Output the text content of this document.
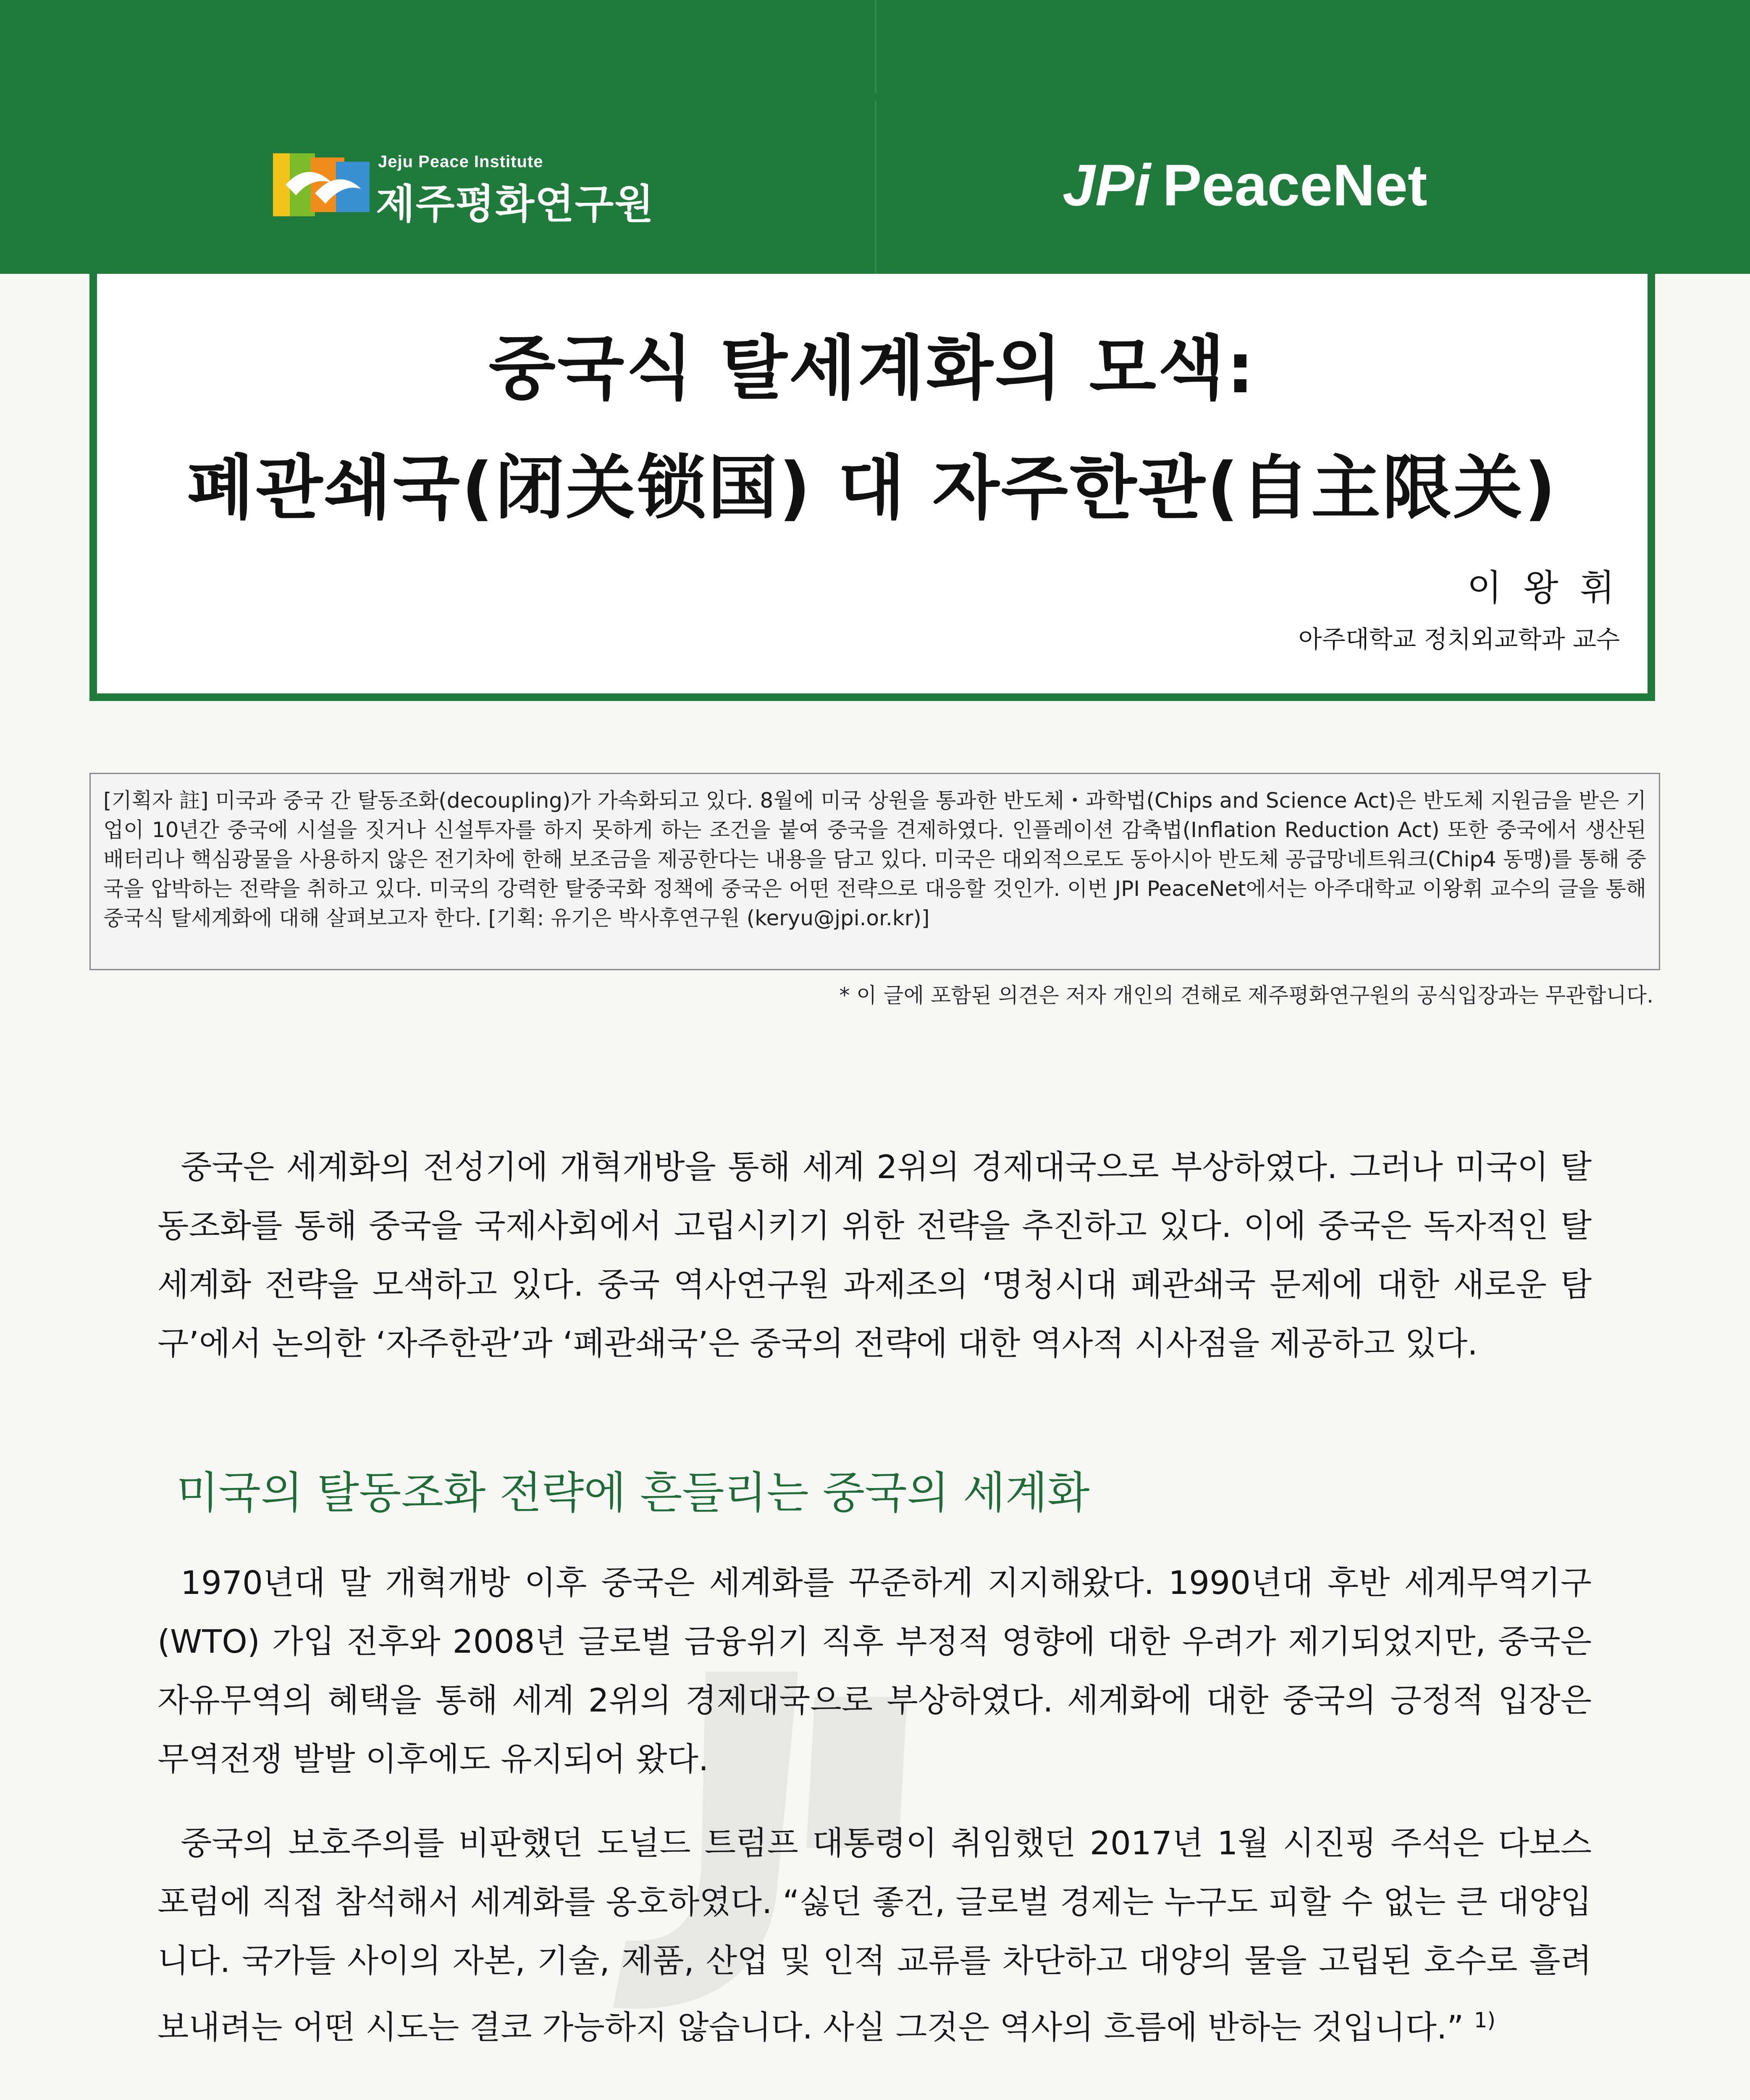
Jeju Peace Institute
제주평화연구원	JPi PeaceNet
중국식 탈세계화의 모색:
폐관쇄국(闭关锁国) 대 자주한관(自主限关)
이 왕 휘
아주대학교 정치외교학과 교수
[기획자 註] 미국과 중국 간 탈동조화(decoupling)가 가속화되고 있다. 8월에 미국 상원을 통과한 반도체・과학법(Chips and Science Act)은 반도체 지원금을 받은 기업이 10년간 중국에 시설을 짓거나 신설투자를 하지 못하게 하는 조건을 붙여 중국을 견제하였다. 인플레이션 감축법(Inflation Reduction Act) 또한 중국에서 생산된 배터리나 핵심광물을 사용하지 않은 전기차에 한해 보조금을 제공한다는 내용을 담고 있다. 미국은 대외적으로도 동아시아 반도체 공급망네트워크(Chip4 동맹)를 통해 중국을 압박하는 전략을 취하고 있다. 미국의 강력한 탈중국화 정책에 중국은 어떤 전략으로 대응할 것인가. 이번 JPI PeaceNet에서는 아주대학교 이왕휘 교수의 글을 통해 중국식 탈세계화에 대해 살펴보고자 한다. [기획: 유기은 박사후연구원 (keryu@jpi.or.kr)]
* 이 글에 포함된 의견은 저자 개인의 견해로 제주평화연구원의 공식입장과는 무관합니다.
중국은 세계화의 전성기에 개혁개방을 통해 세계 2위의 경제대국으로 부상하였다. 그러나 미국이 탈동조화를 통해 중국을 국제사회에서 고립시키기 위한 전략을 추진하고 있다. 이에 중국은 독자적인 탈세계화 전략을 모색하고 있다. 중국 역사연구원 과제조의 ‘명청시대 폐관쇄국 문제에 대한 새로운 탐구’에서 논의한 ‘자주한관’과 ‘폐관쇄국’은 중국의 전략에 대한 역사적 시사점을 제공하고 있다.
미국의 탈동조화 전략에 흔들리는 중국의 세계화
1970년대 말 개혁개방 이후 중국은 세계화를 꾸준하게 지지해왔다. 1990년대 후반 세계무역기구(WTO) 가입 전후와 2008년 글로벌 금융위기 직후 부정적 영향에 대한 우려가 제기되었지만, 중국은 자유무역의 혜택을 통해 세계 2위의 경제대국으로 부상하였다. 세계화에 대한 중국의 긍정적 입장은 무역전쟁 발발 이후에도 유지되어 왔다.
중국의 보호주의를 비판했던 도널드 트럼프 대통령이 취임했던 2017년 1월 시진핑 주석은 다보스 포럼에 직접 참석해서 세계화를 옹호하였다. “싫던 좋건, 글로벌 경제는 누구도 피할 수 없는 큰 대양입니다. 국가들 사이의 자본, 기술, 제품, 산업 및 인적 교류를 차단하고 대양의 물을 고립된 호수로 흘려보내려는 어떤 시도는 결코 가능하지 않습니다. 사실 그것은 역사의 흐름에 반하는 것입니다.” $^{1)}$
